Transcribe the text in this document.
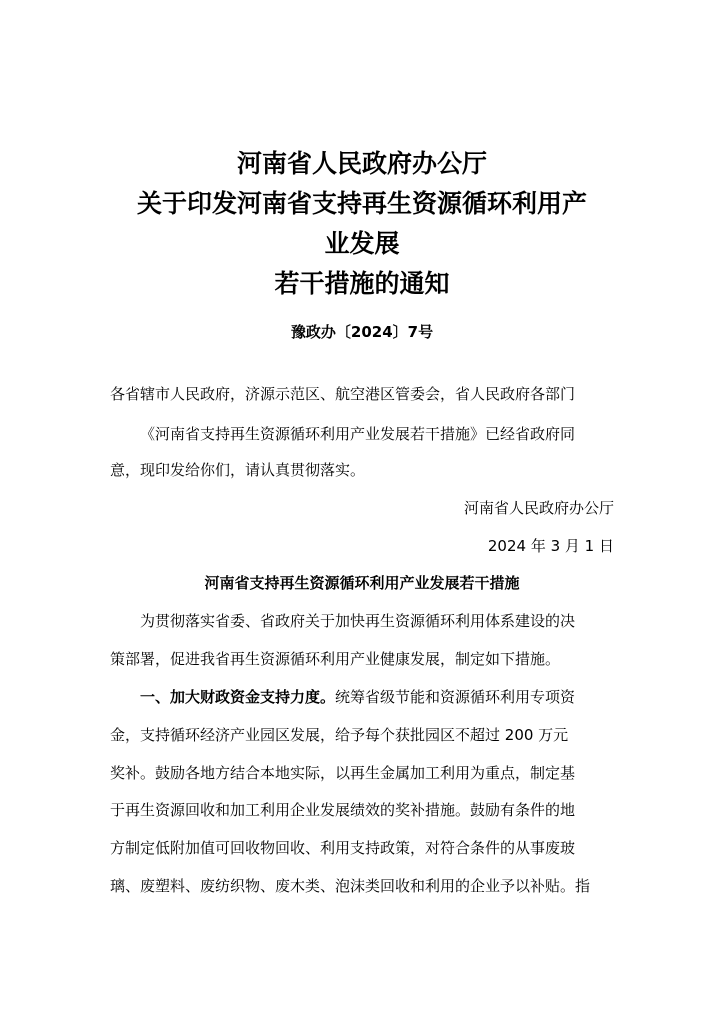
河南省人民政府办公厅
关于印发河南省支持再生资源循环利用产
业发展
若干措施的通知
豫政办〔2024〕7号
各省辖市人民政府，济源示范区、航空港区管委会，省人民政府各部门
《河南省支持再生资源循环利用产业发展若干措施》已经省政府同
意，现印发给你们，请认真贯彻落实。
河南省人民政府办公厅
2024 年 3 月 1 日
河南省支持再生资源循环利用产业发展若干措施
为贯彻落实省委、省政府关于加快再生资源循环利用体系建设的决
策部署，促进我省再生资源循环利用产业健康发展，制定如下措施。
一、加大财政资金支持力度。统筹省级节能和资源循环利用专项资
金，支持循环经济产业园区发展，给予每个获批园区不超过 200 万元
奖补。鼓励各地方结合本地实际，以再生金属加工利用为重点，制定基
于再生资源回收和加工利用企业发展绩效的奖补措施。鼓励有条件的地
方制定低附加值可回收物回收、利用支持政策，对符合条件的从事废玻
璃、废塑料、废纺织物、废木类、泡沫类回收和利用的企业予以补贴。指
